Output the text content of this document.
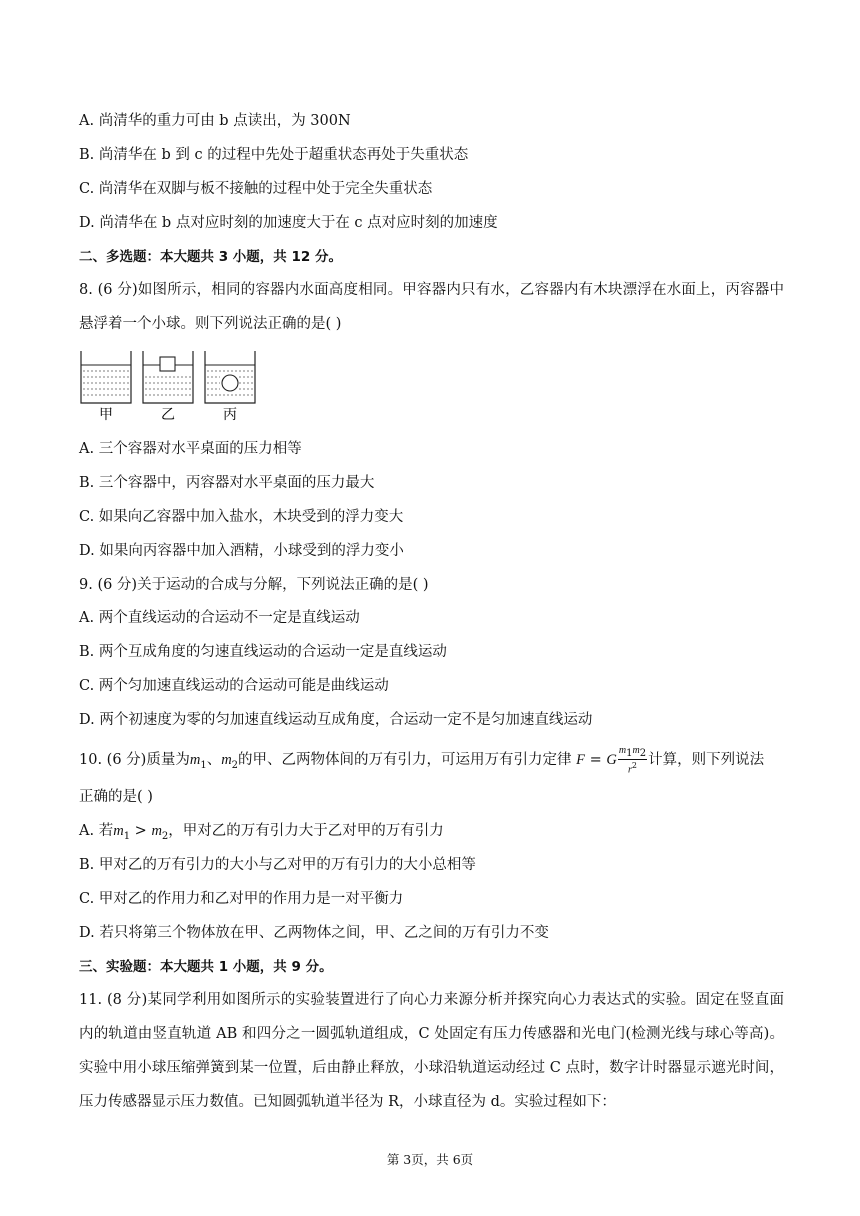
A. 尚清华的重力可由 b 点读出，为 300N
B. 尚清华在 b 到 c 的过程中先处于超重状态再处于失重状态
C. 尚清华在双脚与板不接触的过程中处于完全失重状态
D. 尚清华在 b 点对应时刻的加速度大于在 c 点对应时刻的加速度
二、多选题：本大题共 3 小题，共 12 分。
8. (6 分)如图所示，相同的容器内水面高度相同。甲容器内只有水，乙容器内有木块漂浮在水面上，丙容器中悬浮着一个小球。则下列说法正确的是( )
甲	乙	丙
A. 三个容器对水平桌面的压力相等
B. 三个容器中，丙容器对水平桌面的压力最大
C. 如果向乙容器中加入盐水，木块受到的浮力变大
D. 如果向丙容器中加入酒精，小球受到的浮力变小
9. (6 分)关于运动的合成与分解，下列说法正确的是( )
A. 两个直线运动的合运动不一定是直线运动
B. 两个互成角度的匀速直线运动的合运动一定是直线运动
C. 两个匀加速直线运动的合运动可能是曲线运动
D. 两个初速度为零的匀加速直线运动互成角度，合运动一定不是匀加速直线运动
10. (6 分)质量为$m_1$、$m_2$的甲、乙两物体间的万有引力，可运用万有引力定律 F = G $\frac{m_1m_2}{r^2}$ 计算，则下列说法
正确的是( )
A. 若$m_1 > m_2$，甲对乙的万有引力大于乙对甲的万有引力
B. 甲对乙的万有引力的大小与乙对甲的万有引力的大小总相等
C. 甲对乙的作用力和乙对甲的作用力是一对平衡力
D. 若只将第三个物体放在甲、乙两物体之间，甲、乙之间的万有引力不变
三、实验题：本大题共 1 小题，共 9 分。
11. (8 分)某同学利用如图所示的实验装置进行了向心力来源分析并探究向心力表达式的实验。固定在竖直面内的轨道由竖直轨道 AB 和四分之一圆弧轨道组成，C 处固定有压力传感器和光电门(检测光线与球心等高)。实验中用小球压缩弹簧到某一位置，后由静止释放，小球沿轨道运动经过 C 点时，数字计时器显示遮光时间，压力传感器显示压力数值。已知圆弧轨道半径为 R，小球直径为 d。实验过程如下：
第 3页，共 6页
